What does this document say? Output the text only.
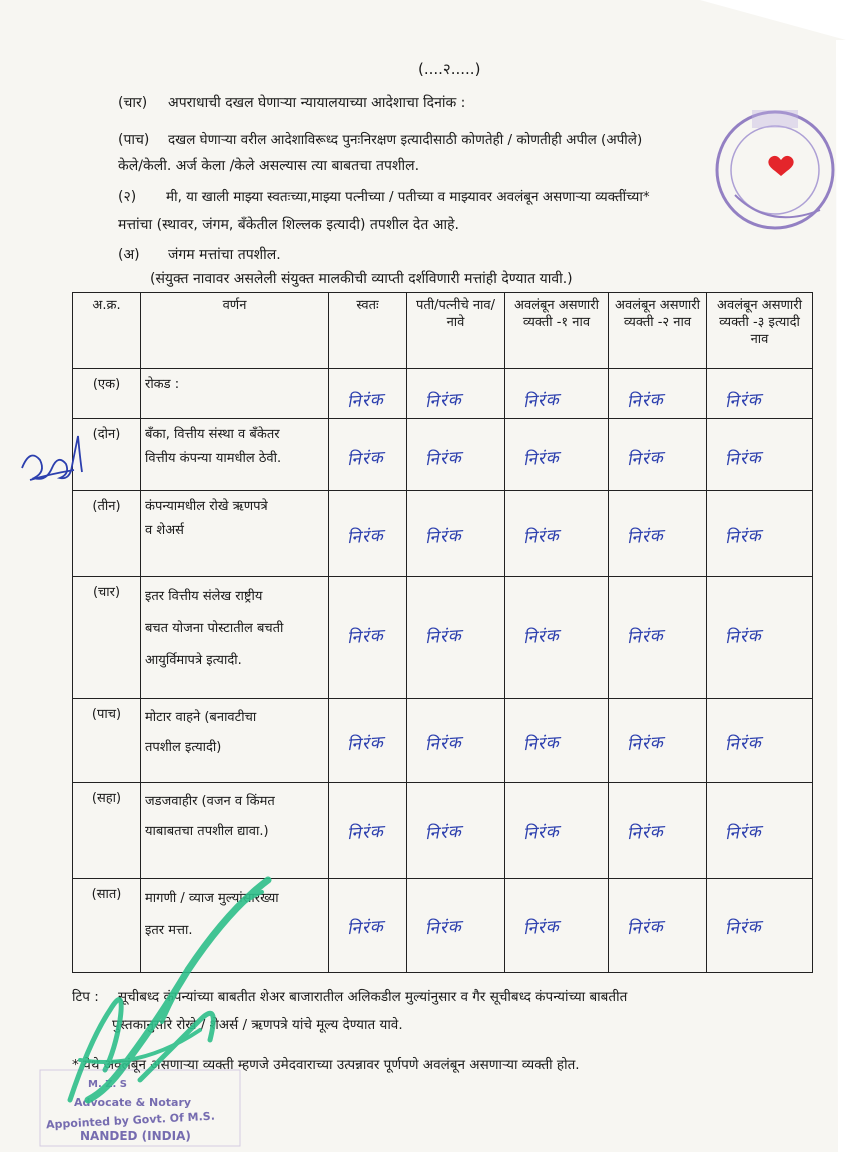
(....२.....)
(चार) अपराधाची दखल घेणाऱ्या न्यायालयाच्या आदेशाचा दिनांक :
(पाच) दखल घेणाऱ्या वरील आदेशाविरूध्द पुनःनिरक्षण इत्यादीसाठी कोणतेही / कोणतीही अपील (अपीले)
केले/केली. अर्ज केला /केले असल्यास त्या बाबतचा तपशील.
(२) मी, या खाली माझ्या स्वतःच्या,माझ्या पत्नीच्या / पतीच्या व माझ्यावर अवलंबून असणाऱ्या व्यक्तींच्या*
मत्तांचा (स्थावर, जंगम, बँकेतील शिल्लक इत्यादी) तपशील देत आहे.
(अ) जंगम मत्तांचा तपशील.
(संयुक्त नावावर असलेली संयुक्त मालकीची व्याप्ती दर्शविणारी मत्तांही देण्यात यावी.)
अ.क्र.	वर्णन	स्वतः	पती/पत्नीचे नाव/नावे	अवलंबून असणारी व्यक्ती -१ नाव	अवलंबून असणारी व्यक्ती -२ नाव	अवलंबून असणारी व्यक्ती -३ इत्यादी नाव
(एक)	रोकड :	निरंक	निरंक	निरंक	निरंक	निरंक

(दोन)	बँका, वित्तीय संस्था व बँकेतर
वित्तीय कंपन्या यामधील ठेवी.	निरंक	निरंक	निरंक	निरंक	निरंक

(तीन)	कंपन्यामधील रोखे ऋणपत्रे
व शेअर्स	निरंक	निरंक	निरंक	निरंक	निरंक

(चार)	इतर वित्तीय संलेख राष्ट्रीय
बचत योजना पोस्टातील बचती
आयुर्विमापत्रे इत्यादी.	निरंक	निरंक	निरंक	निरंक	निरंक

(पाच)	मोटार वाहने (बनावटीचा
तपशील इत्यादी)	निरंक	निरंक	निरंक	निरंक	निरंक

(सहा)	जडजवाहीर (वजन व किंमत
याबाबतचा तपशील द्यावा.)	निरंक	निरंक	निरंक	निरंक	निरंक

(सात)	मागणी / व्याज मुल्यांसारख्या
इतर मत्ता.	निरंक	निरंक	निरंक	निरंक	निरंक
टिप : सूचीबध्द कंपन्यांच्या बाबतीत शेअर बाजारातील अलिकडील मुल्यांनुसार व गैर सूचीबध्द कंपन्यांच्या बाबतीत
पुस्तकानुसारे रोखे / शेअर्स / ऋणपत्रे यांचे मूल्य देण्यात यावे.
* येथे अवलंबून असणाऱ्या व्यक्ती म्हणजे उमेदवाराच्या उत्पन्नावर पूर्णपणे अवलंबून असणाऱ्या व्यक्ती होत.
M. Z. S
Advocate & Notary
Appointed by Govt. Of M.S.
NANDED (INDIA)
